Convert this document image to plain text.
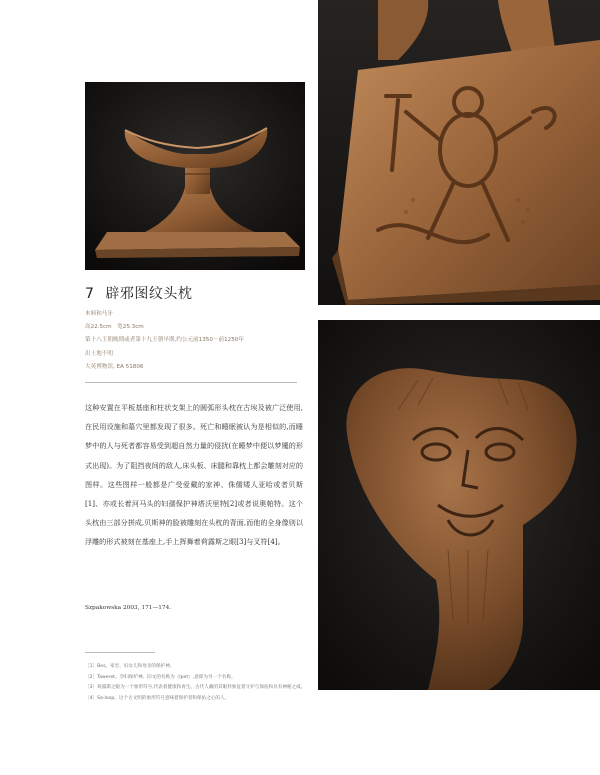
7 辟邪图纹头枕
木料和马牙
高22.5cm　宽25.3cm
第十八王朝晚期或者第十九王朝早期,约公元前1350－前1250年
出土地不明
大英博物馆, EA 51806
这种安置在平板基座和柱状支架上的圆弧形头枕在古埃及被广泛使用,在民用设施和墓穴里都发现了很多。死亡和睡眠被认为是相似的,而睡梦中的人与死者都容易受到超自然力量的侵扰(在睡梦中便以梦魇的形式出现)。为了阻挡夜间的敌人,床头板、床腿和靠枕上都会雕刻对应的图样。这些图样一般都是广受爱戴的家神、侏儒矮人亚哈或者贝斯[1]、亦或长着河马头的妇孺保护神塔沃里特[2]或者说奥帕特。这个头枕由三部分拼成,贝斯神的脸被雕刻在头枕的背面,而他的全身像则以浮雕的形式被刻在基座上,手上挥舞着荷露斯之眼[3]与叉符[4]。
Szpakowska 2003, 171—174.
［1］Bes。家宅、妇女儿和母亲的保护神。
［2］Taweret。孕妇保护神。旧文的名称为（Ipet）,意即为另一个名称。
［3］荷露斯之眼为一个象形符号,代表着健康和再生。古代人戴的其眼样象征着守护与保佑和具有神秘之威。
［4］Sa-loop。这个古文明的象形符号意味着保护者和保佑之心的人。
